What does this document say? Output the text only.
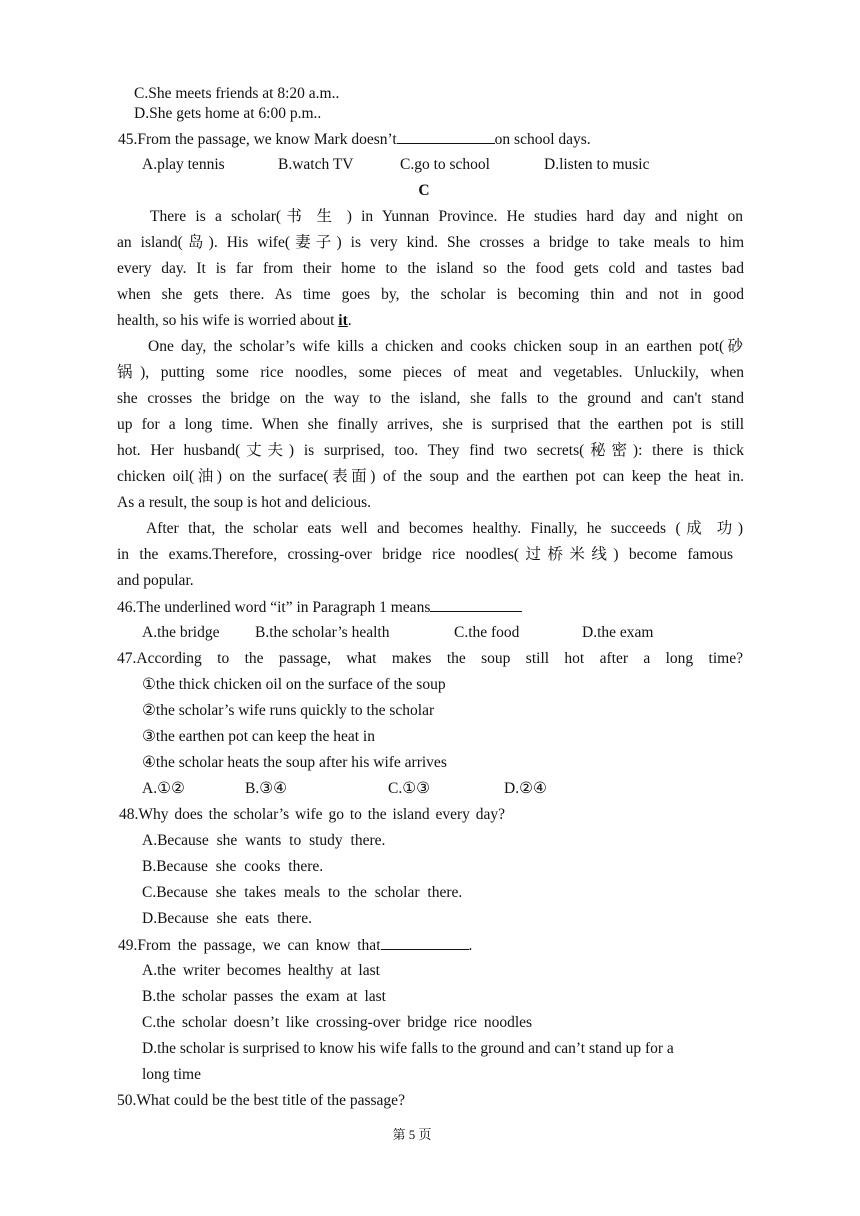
C.She meets friends at 8:20 a.m..
D.She gets home at 6:00 p.m..
45.From the passage, we know Mark doesn’t	on school days.
A.play tennis	B.watch TV	C.go to school	D.listen to music
C
There is a scholar(书 生 ) in Yunnan Province. He studies hard day and night on
an island(岛). His wife(妻子) is very kind. She crosses a bridge to take meals to him
every day. It is far from their home to the island so the food gets cold and tastes bad
when she gets there. As time goes by, the scholar is becoming thin and not in good
health, so his wife is worried about it.
One day, the scholar’s wife kills a chicken and cooks chicken soup in an earthen pot(砂
锅), putting some rice noodles, some pieces of meat and vegetables. Unluckily, when
she crosses the bridge on the way to the island, she falls to the ground and can't stand
up for a long time. When she finally arrives, she is surprised that the earthen pot is still
hot. Her husband(丈夫) is surprised, too. They find two secrets(秘密): there is thick
chicken oil(油) on the surface(表面) of the soup and the earthen pot can keep the heat in.
As a result, the soup is hot and delicious.
After that, the scholar eats well and becomes healthy. Finally, he succeeds (成 功)
in the exams.Therefore, crossing-over bridge rice noodles(过桥米线) become famous
and popular.
46.The underlined word “it” in Paragraph 1 means
A.the bridge B.the scholar’s health	C.the food	D.the exam
47.According to the passage, what makes the soup still hot after a long time?
①the thick chicken oil on the surface of the soup
②the scholar’s wife runs quickly to the scholar
③the earthen pot can keep the heat in
④the scholar heats the soup after his wife arrives
A.①②	B.③④	C.①③	D.②④
48.Why does the scholar’s wife go to the island every day?
A.Because she wants to study there.
B.Because she cooks there.
C.Because she takes meals to the scholar there.
D.Because she eats there.
49.From the passage, we can know that	.
A.the writer becomes healthy at last
B.the scholar passes the exam at last
C.the scholar doesn’t like crossing-over bridge rice noodles
D.the scholar is surprised to know his wife falls to the ground and can’t stand up for a
long time
50.What could be the best title of the passage?
第 5 页
